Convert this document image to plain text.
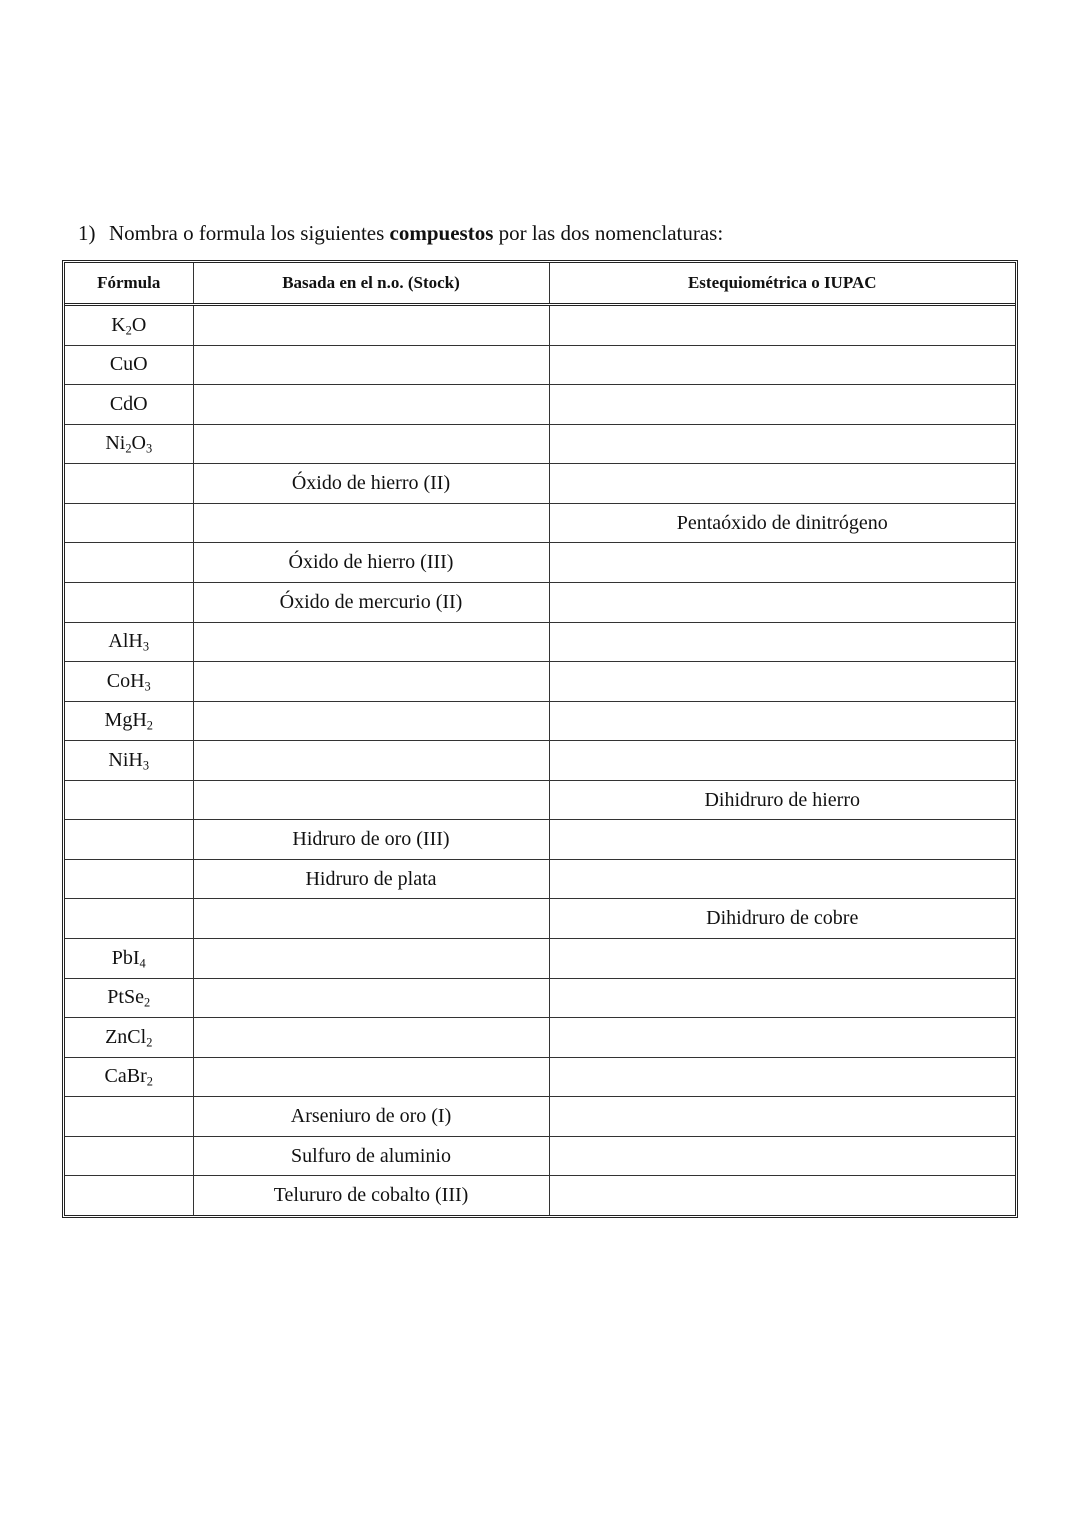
1) Nombra o formula los siguientes compuestos por las dos nomenclaturas:
Fórmula	Basada en el n.o. (Stock)	Estequiométrica o IUPAC
$K_2O$		
CuO		
CdO		
$Ni_2O_3$		
	Óxido de hierro (II)	
		Pentaóxido de dinitrógeno
	Óxido de hierro (III)	
	Óxido de mercurio (II)	
AlH$_3$		
CoH$_3$		
MgH$_2$		
NiH$_3$		
		Dihidruro de hierro
	Hidruro de oro (III)	
	Hidruro de plata	
		Dihidruro de cobre
PbI$_4$		
PtSe$_2$		
ZnCl$_2$		
CaBr$_2$		
	Arseniuro de oro (I)	
	Sulfuro de aluminio	
	Telururo de cobalto (III)	
